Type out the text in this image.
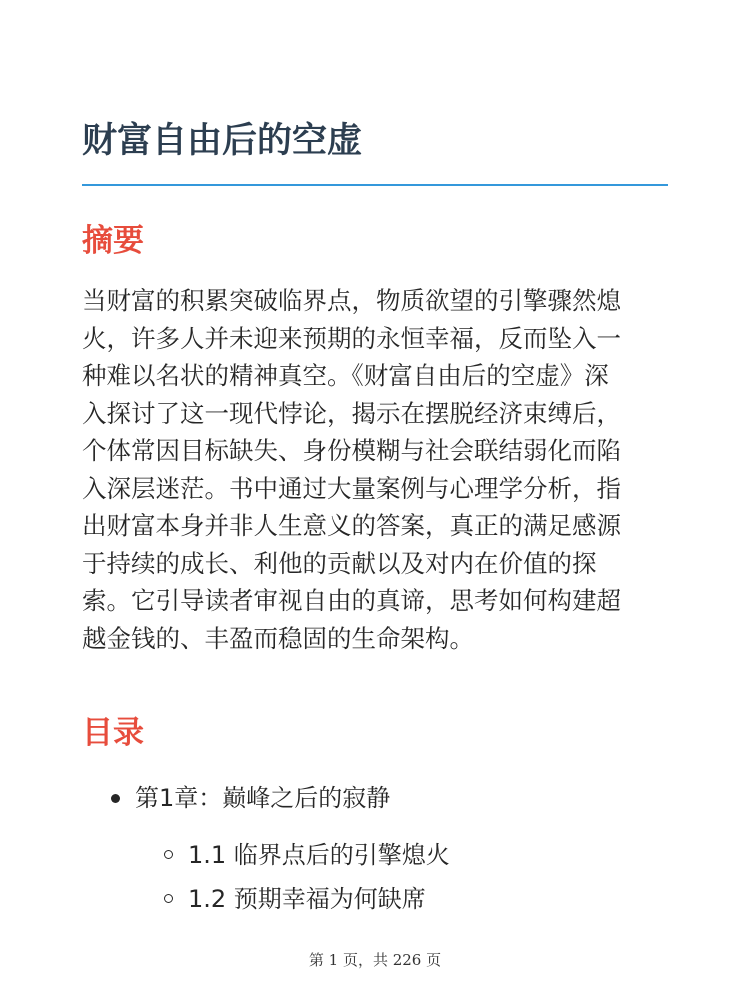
财富自由后的空虚
摘要

当财富的积累突破临界点，物质欲望的引擎骤然熄
火，许多人并未迎来预期的永恒幸福，反而坠入一
种难以名状的精神真空。《财富自由后的空虚》深
入探讨了这一现代悖论，揭示在摆脱经济束缚后，
个体常因目标缺失、身份模糊与社会联结弱化而陷
入深层迷茫。书中通过大量案例与心理学分析，指
出财富本身并非人生意义的答案，真正的满足感源
于持续的成长、利他的贡献以及对内在价值的探
索。它引导读者审视自由的真谛，思考如何构建超
越金钱的、丰盈而稳固的生命架构。

目录
第1章：巅峰之后的寂静
1.1 临界点后的引擎熄火
1.2 预期幸福为何缺席
第 1 页，共 226 页
